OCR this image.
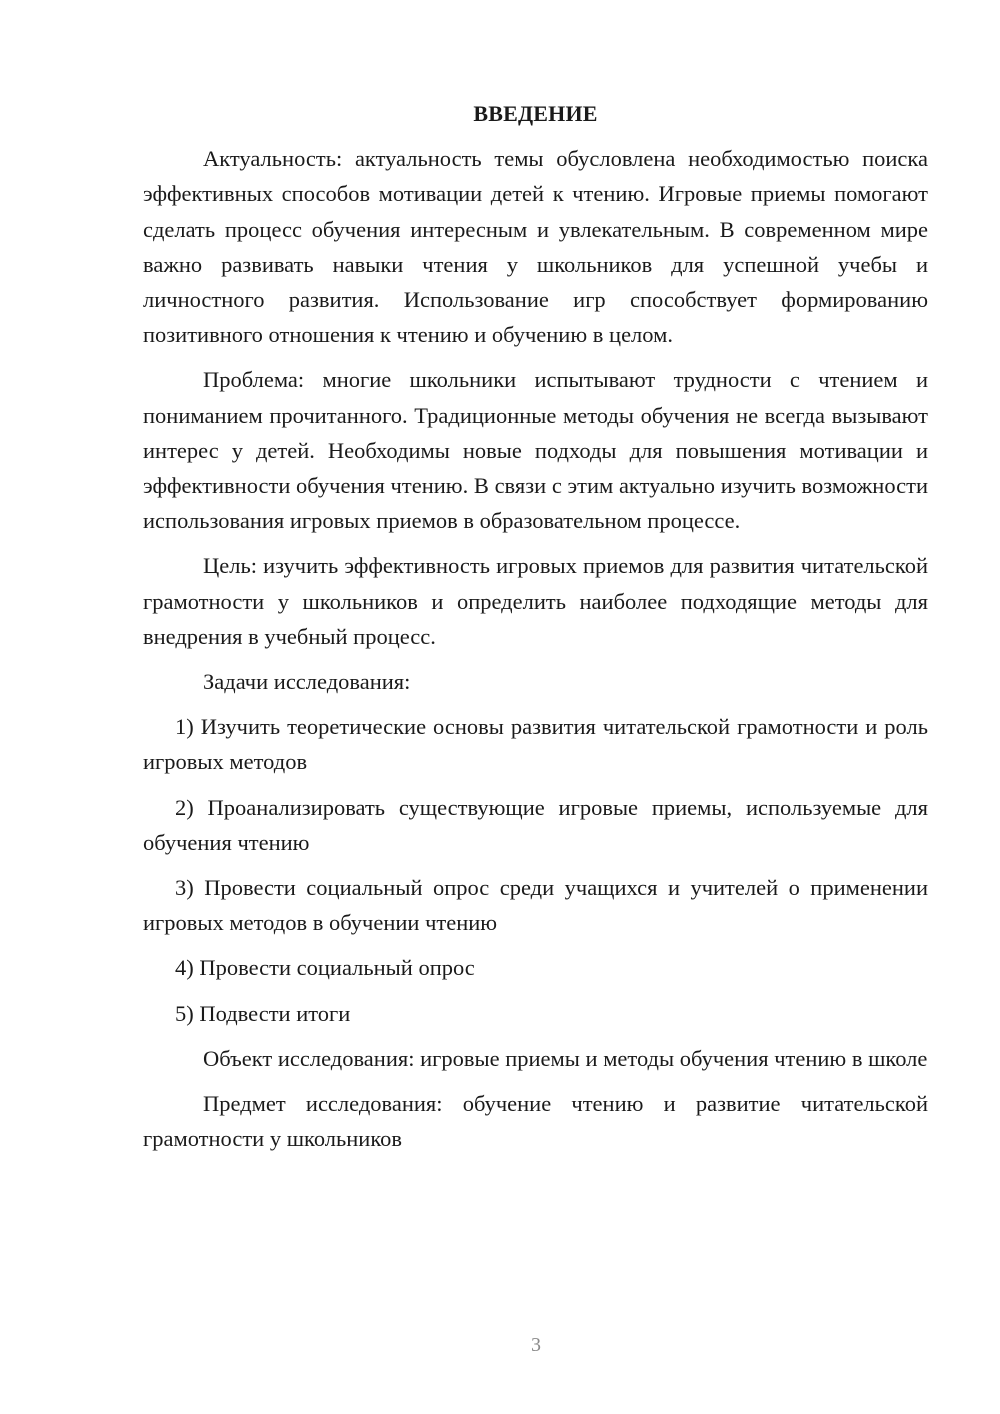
ВВЕДЕНИЕ

Актуальность: актуальность темы обусловлена необходимостью поиска эффективных способов мотивации детей к чтению. Игровые приемы помогают сделать процесс обучения интересным и увлекательным. В современном мире важно развивать навыки чтения у школьников для успешной учебы и личностного развития. Использование игр способствует формированию позитивного отношения к чтению и обучению в целом.

Проблема: многие школьники испытывают трудности с чтением и пониманием прочитанного. Традиционные методы обучения не всегда вызывают интерес у детей. Необходимы новые подходы для повышения мотивации и эффективности обучения чтению. В связи с этим актуально изучить возможности использования игровых приемов в образовательном процессе.

Цель: изучить эффективность игровых приемов для развития читательской грамотности у школьников и определить наиболее подходящие методы для внедрения в учебный процесс.

Задачи исследования:

1) Изучить теоретические основы развития читательской грамотности и роль игровых методов

2) Проанализировать существующие игровые приемы, используемые для обучения чтению

3) Провести социальный опрос среди учащихся и учителей о применении игровых методов в обучении чтению

4) Провести социальный опрос

5) Подвести итоги

Объект исследования: игровые приемы и методы обучения чтению в школе

Предмет исследования: обучение чтению и развитие читательской грамотности у школьников

3
